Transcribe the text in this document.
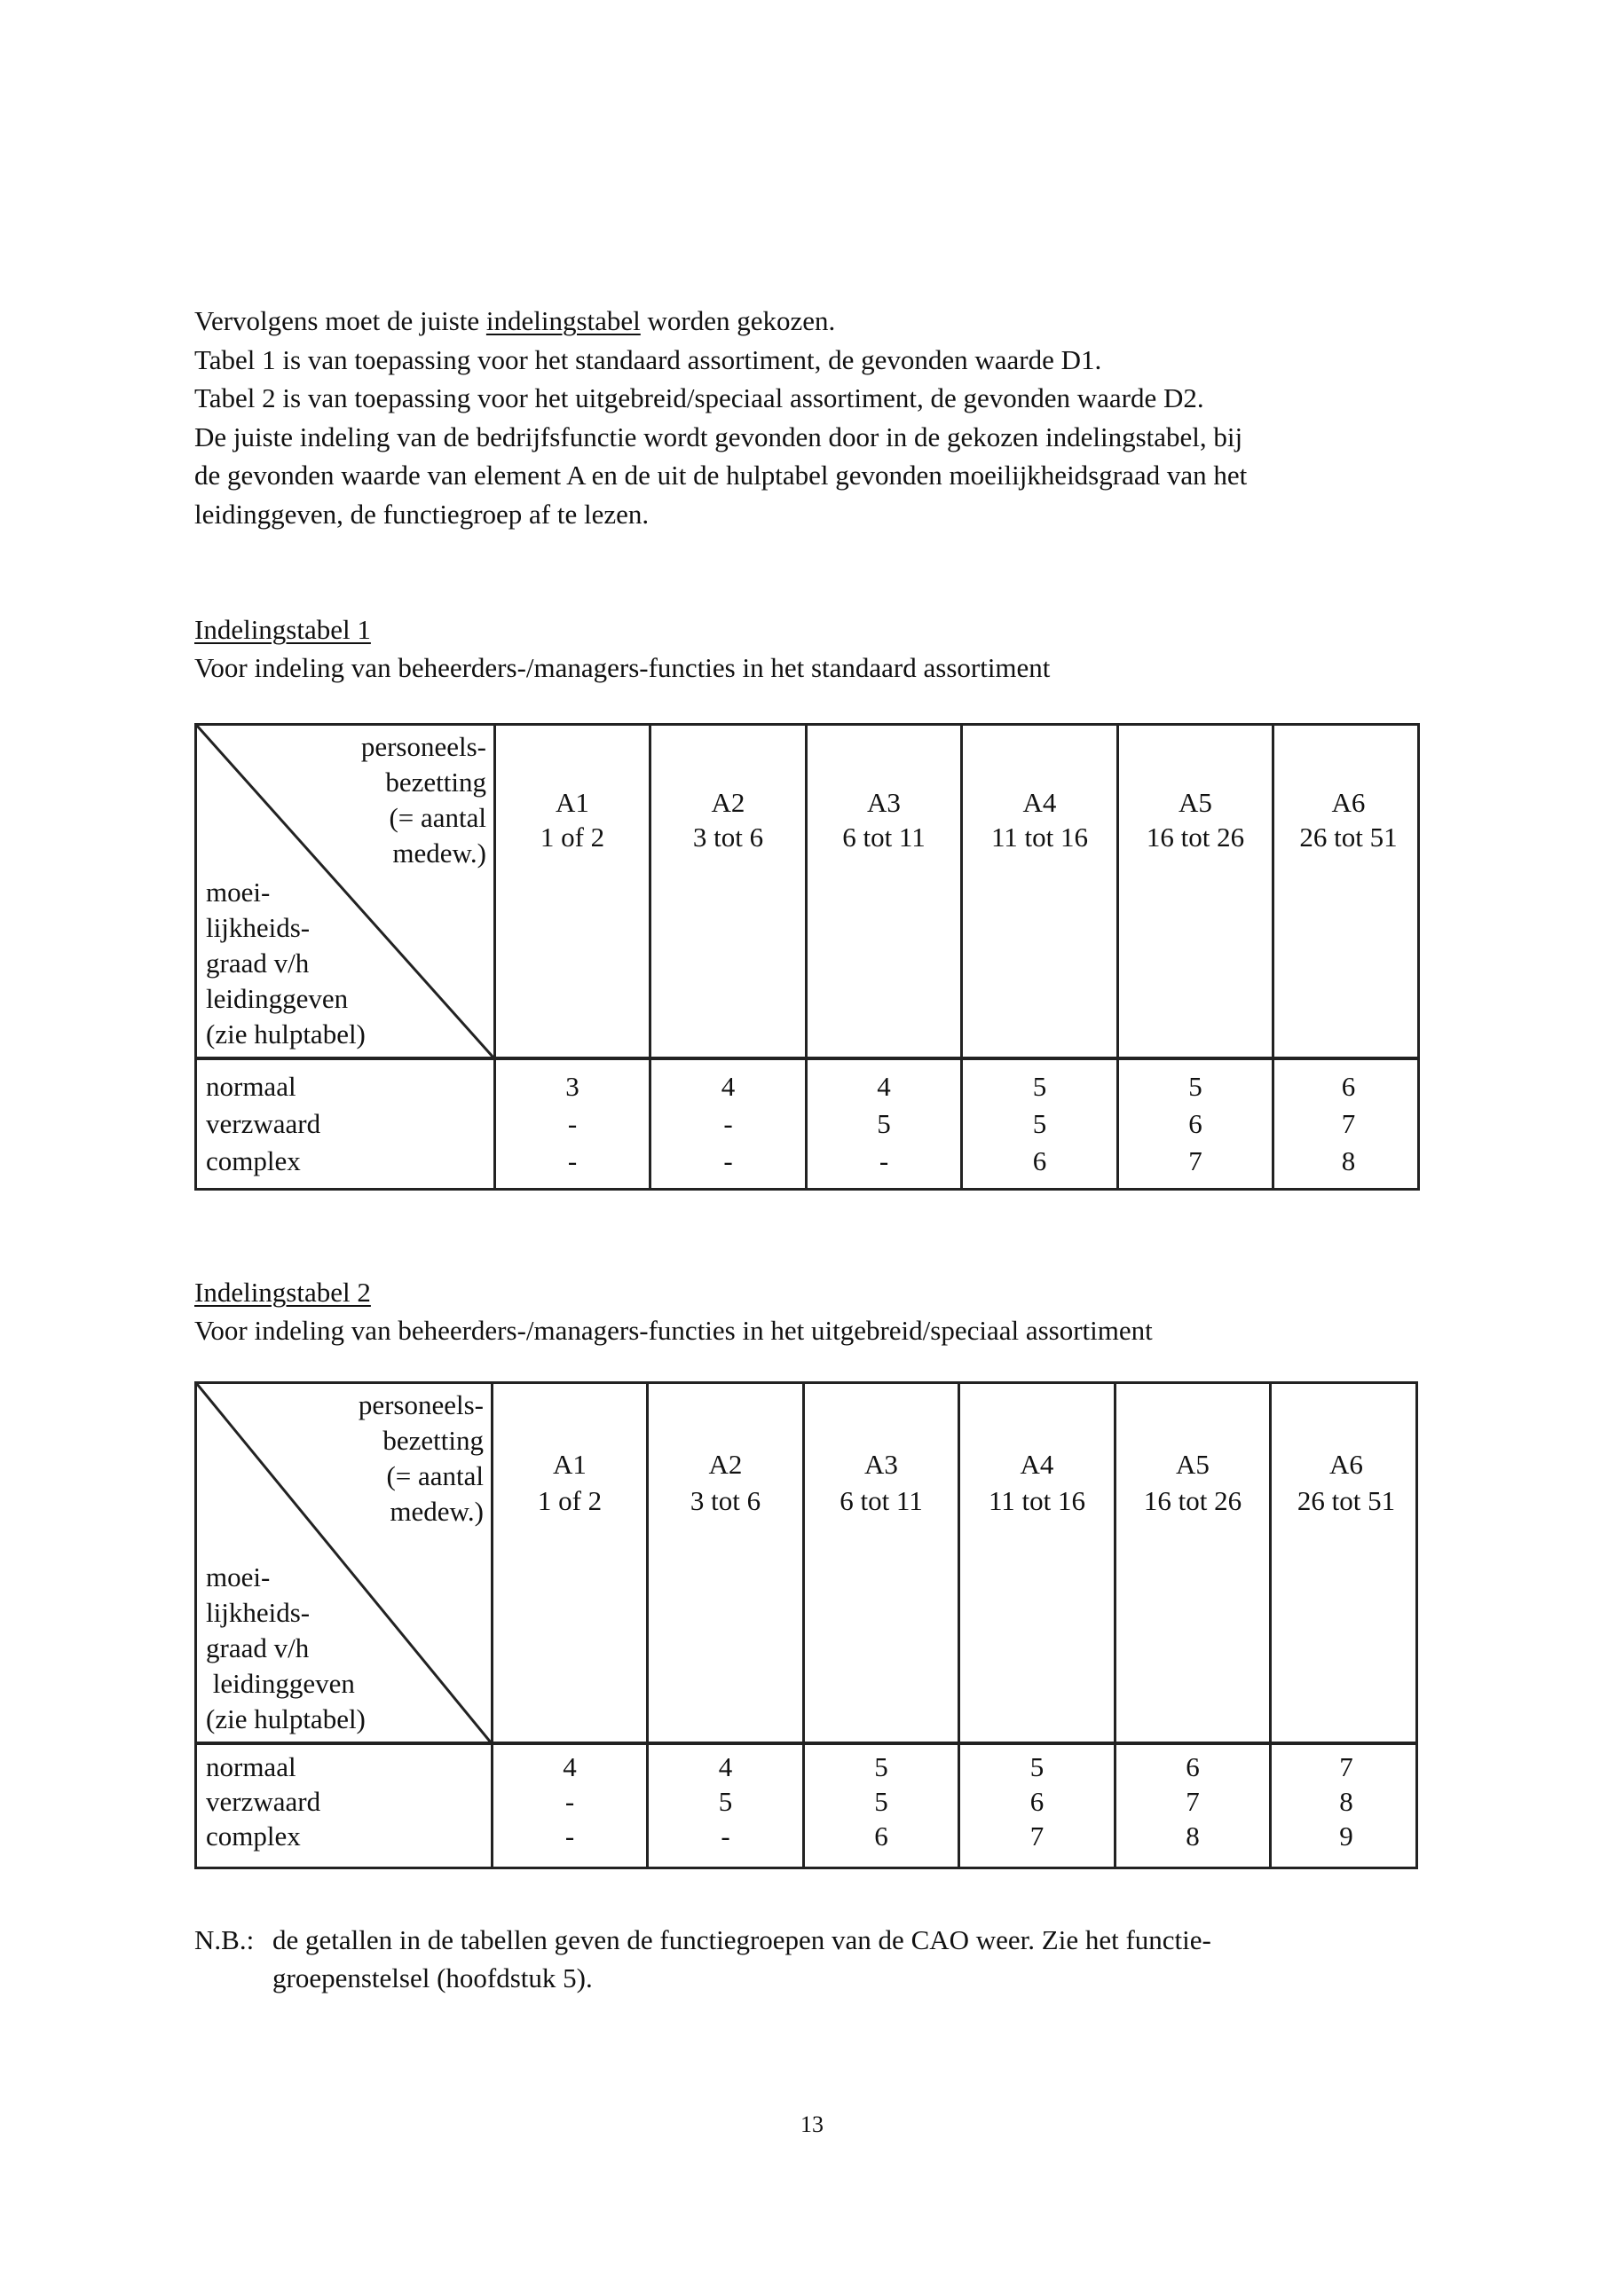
Vervolgens moet de juiste indelingstabel worden gekozen.

Tabel 1 is van toepassing voor het standaard assortiment, de gevonden waarde D1.

Tabel 2 is van toepassing voor het uitgebreid/speciaal assortiment, de gevonden waarde D2.

De juiste indeling van de bedrijfsfunctie wordt gevonden door in de gekozen indelingstabel, bij

de gevonden waarde van element A en de uit de hulptabel gevonden moeilijkheidsgraad van het

leidinggeven, de functiegroep af te lezen.

Indelingstabel 1
Voor indeling van beheerders-/managers-functies in het standaard assortiment
personeels-
bezetting
(= aantal
medew.)
moei-
lijkheids-
graad v/h
leidinggeven
(zie hulptabel)
normaal
verzwaard
complex
A1
1 of 2
3
-
-
A2
3 tot 6
4
-
-
A3
6 tot 11
4
5
-
A4
11 tot 16
5
5
6
A5
16 tot 26
5
6
7
A6
26 tot 51
6
7
8
Indelingstabel 2
Voor indeling van beheerders-/managers-functies in het uitgebreid/speciaal assortiment
personeels-
bezetting
(= aantal
medew.)
moei-
lijkheids-
graad v/h
leidinggeven
(zie hulptabel)
normaal
verzwaard
complex
A1
1 of 2
4
-
-
A2
3 tot 6
4
5
-
A3
6 tot 11
5
5
6
A4
11 tot 16
5
6
7
A5
16 tot 26
6
7
8
A6
26 tot 51
7
8
9
N.B.: de getallen in de tabellen geven de functiegroepen van de CAO weer. Zie het functie-
groepenstelsel (hoofdstuk 5).
13
